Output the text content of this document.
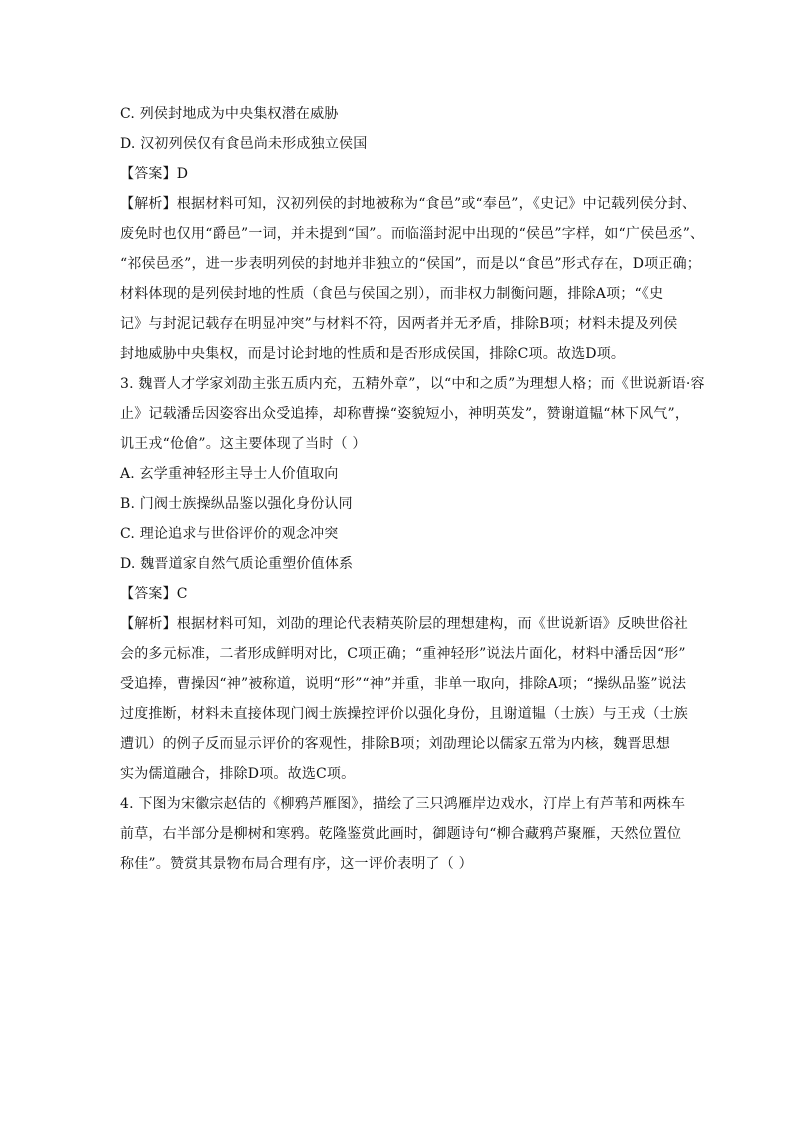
C. 列侯封地成为中央集权潜在威胁
D. 汉初列侯仅有食邑尚未形成独立侯国
【答案】D
【解析】根据材料可知，汉初列侯的封地被称为“食邑”或“奉邑”，《史记》中记载列侯分封、
废免时也仅用“爵邑”一词，并未提到“国”。而临淄封泥中出现的“侯邑”字样，如“广侯邑丞”、
“祁侯邑丞”，进一步表明列侯的封地并非独立的“侯国”，而是以“食邑”形式存在，D项正确；
材料体现的是列侯封地的性质（食邑与侯国之别），而非权力制衡问题，排除A项；“《史
记》与封泥记载存在明显冲突”与材料不符，因两者并无矛盾，排除B项；材料未提及列侯
封地威胁中央集权，而是讨论封地的性质和是否形成侯国，排除C项。故选D项。
3. 魏晋人才学家刘劭主张五质内充，五精外章”，以“中和之质”为理想人格；而《世说新语·容
止》记载潘岳因姿容出众受追捧，却称曹操“姿貌短小，神明英发”，赞谢道韫“林下风气”，
讥王戎“伧傖”。这主要体现了当时（ ）
A. 玄学重神轻形主导士人价值取向
B. 门阀士族操纵品鉴以强化身份认同
C. 理论追求与世俗评价的观念冲突
D. 魏晋道家自然气质论重塑价值体系
【答案】C
【解析】根据材料可知，刘劭的理论代表精英阶层的理想建构，而《世说新语》反映世俗社
会的多元标准，二者形成鲜明对比，C项正确；“重神轻形”说法片面化，材料中潘岳因“形”
受追捧，曹操因“神”被称道，说明“形”“神”并重，非单一取向，排除A项；“操纵品鉴”说法
过度推断，材料未直接体现门阀士族操控评价以强化身份，且谢道韫（士族）与王戎（士族
遭讥）的例子反而显示评价的客观性，排除B项；刘劭理论以儒家五常为内核，魏晋思想
实为儒道融合，排除D项。故选C项。
4. 下图为宋徽宗赵佶的《柳鸦芦雁图》，描绘了三只鸿雁岸边戏水，汀岸上有芦苇和两株车
前草，右半部分是柳树和寒鸦。乾隆鉴赏此画时，御题诗句“柳合藏鸦芦聚雁，天然位置位
称佳”。赞赏其景物布局合理有序，这一评价表明了（ ）
